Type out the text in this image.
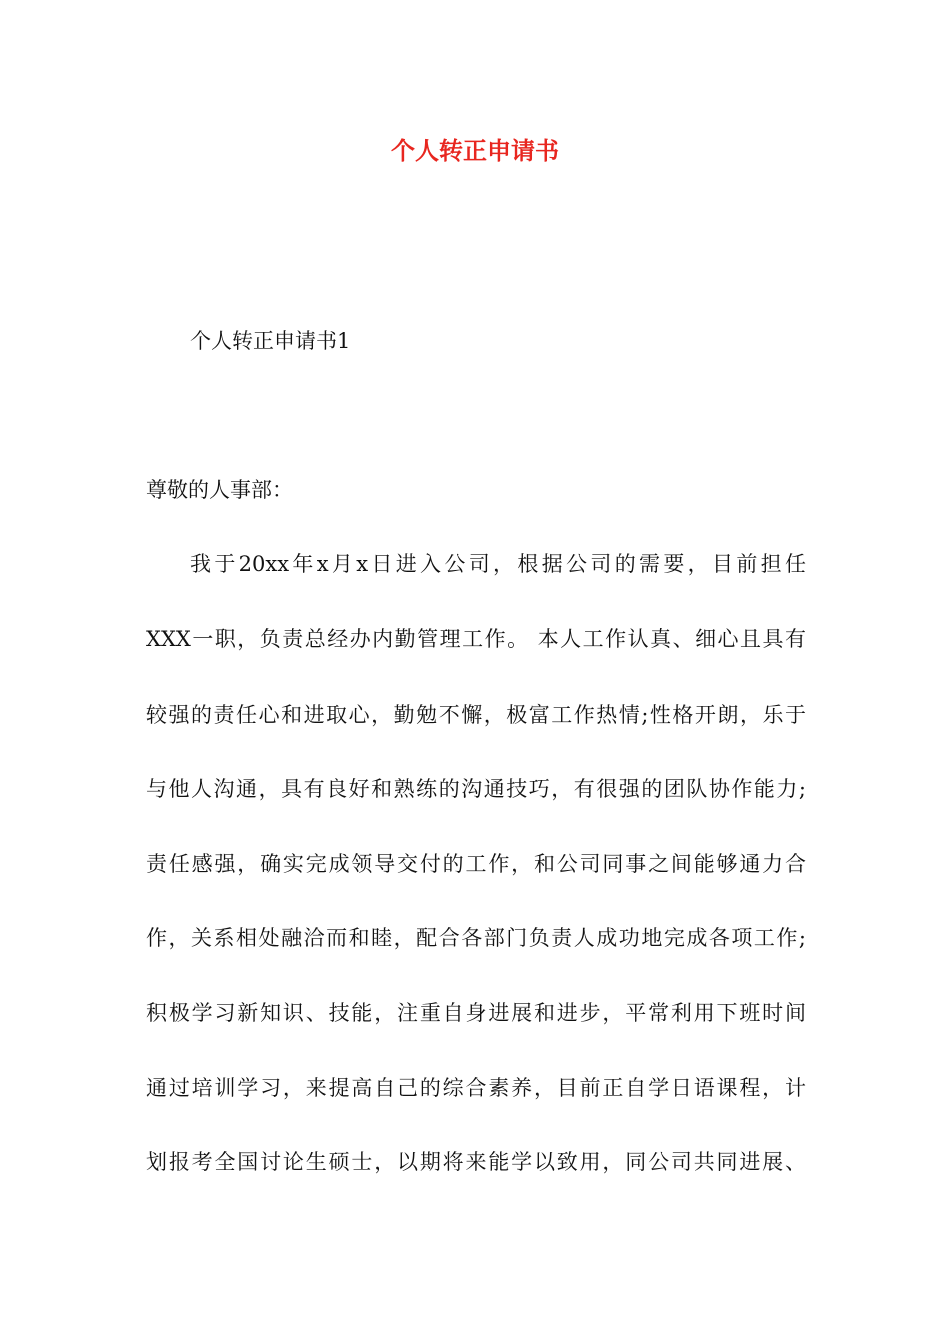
个人转正申请书

个人转正申请书1

尊敬的人事部：

我于20xx年x月x日进入公司，根据公司的需要，目前担任
XXX一职，负责总经办内勤管理工作。 本人工作认真、细心且具有
较强的责任心和进取心，勤勉不懈，极富工作热情;性格开朗，乐于
与他人沟通，具有良好和熟练的沟通技巧，有很强的团队协作能力;
责任感强，确实完成领导交付的工作，和公司同事之间能够通力合
作，关系相处融洽而和睦，配合各部门负责人成功地完成各项工作;
积极学习新知识、技能，注重自身进展和进步，平常利用下班时间
通过培训学习，来提高自己的综合素养，目前正自学日语课程，计
划报考全国讨论生硕士，以期将来能学以致用，同公司共同进展、
